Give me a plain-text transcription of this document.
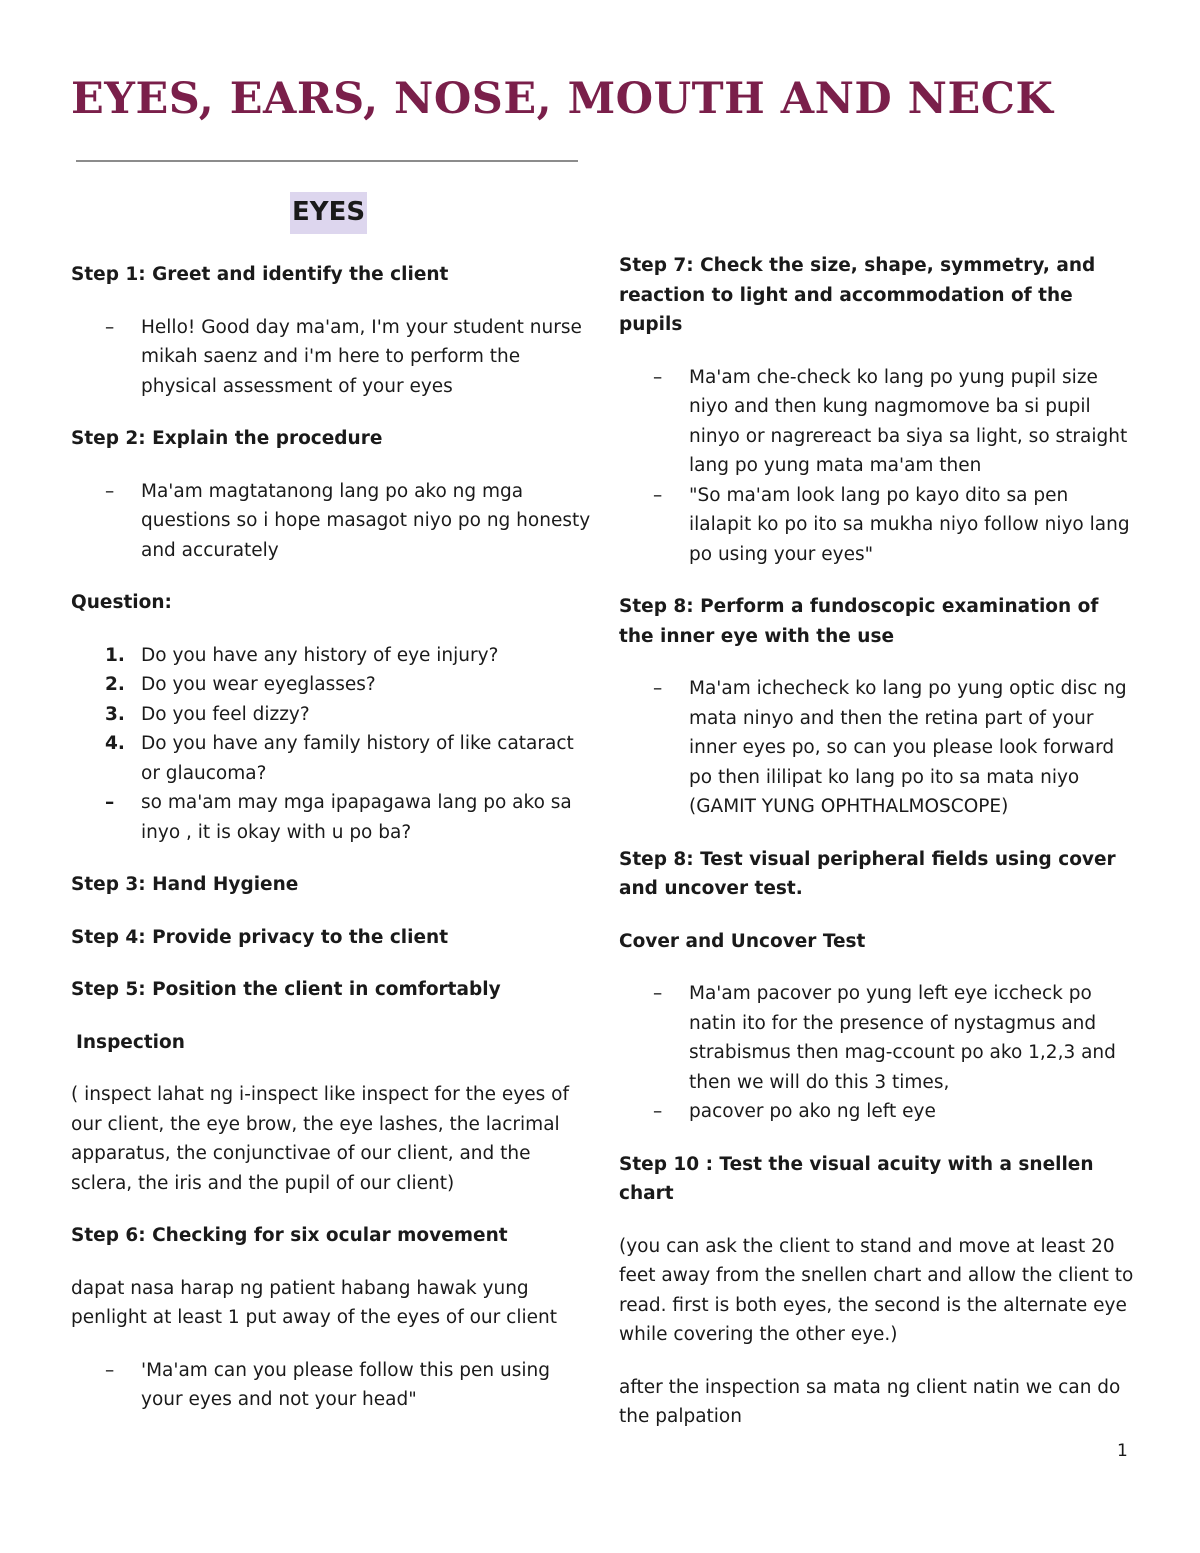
EYES, EARS, NOSE, MOUTH AND NECK
EYES

Step 1: Greet and identify the client

– Hello! Good day ma'am, I'm your student nurse mikah saenz and i'm here to perform the physical assessment of your eyes

Step 2: Explain the procedure

– Ma'am magtatanong lang po ako ng mga questions so i hope masagot niyo po ng honesty and accurately

Question:

1. Do you have any history of eye injury?
2. Do you wear eyeglasses?
3. Do you feel dizzy?
4. Do you have any family history of like cataract or glaucoma?
– so ma'am may mga ipapagawa lang po ako sa inyo , it is okay with u po ba?

Step 3: Hand Hygiene

Step 4: Provide privacy to the client

Step 5: Position the client in comfortably

Inspection

( inspect lahat ng i-inspect like inspect for the eyes of our client, the eye brow, the eye lashes, the lacrimal apparatus, the conjunctivae of our client, and the sclera, the iris and the pupil of our client)

Step 6: Checking for six ocular movement

dapat nasa harap ng patient habang hawak yung penlight at least 1 put away of the eyes of our client

– 'Ma'am can you please follow this pen using your eyes and not your head"

Step 7: Check the size, shape, symmetry, and reaction to light and accommodation of the pupils

– Ma'am che-check ko lang po yung pupil size niyo and then kung nagmomove ba si pupil ninyo or nagrereact ba siya sa light, so straight lang po yung mata ma'am then
– "So ma'am look lang po kayo dito sa pen ilalapit ko po ito sa mukha niyo follow niyo lang po using your eyes"

Step 8: Perform a fundoscopic examination of the inner eye with the use

– Ma'am ichecheck ko lang po yung optic disc ng mata ninyo and then the retina part of your inner eyes po, so can you please look forward po then ililipat ko lang po ito sa mata niyo (GAMIT YUNG OPHTHALMOSCOPE)

Step 8: Test visual peripheral fields using cover and uncover test.

Cover and Uncover Test

– Ma'am pacover po yung left eye iccheck po natin ito for the presence of nystagmus and strabismus then mag-ccount po ako 1,2,3 and then we will do this 3 times,
– pacover po ako ng left eye

Step 10 : Test the visual acuity with a snellen chart

(you can ask the client to stand and move at least 20 feet away from the snellen chart and allow the client to read. first is both eyes, the second is the alternate eye while covering the other eye.)

after the inspection sa mata ng client natin we can do the palpation

1
